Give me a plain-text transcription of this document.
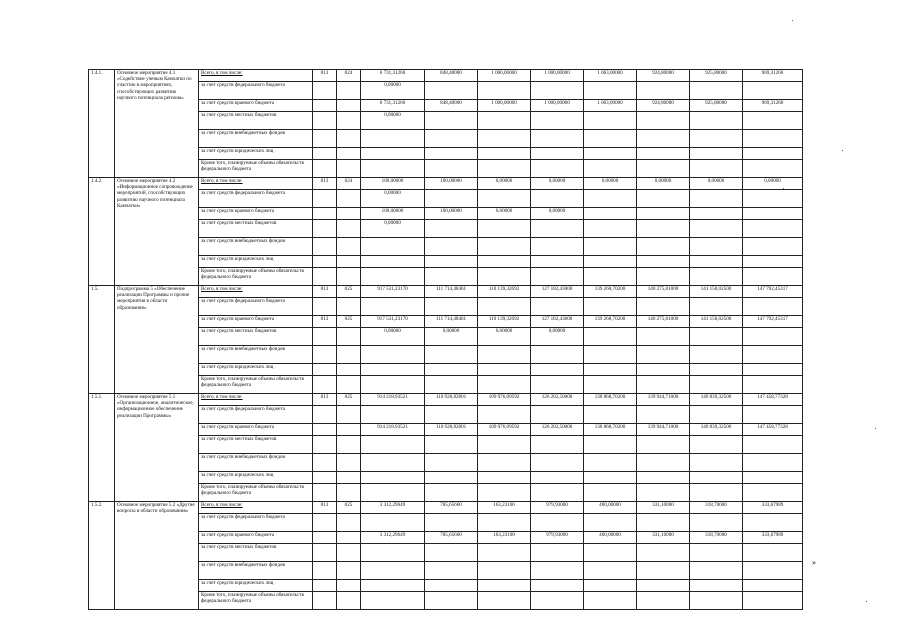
1.4.1.	Основное мероприятие 4.1 «Содействие ученым Камчатки по участию в мероприятиях, способствующих развитию научного потенциала региона»	Всего, в том числе:	813	024	6 731,31260	848,40000	1 000,00000	1 000,00000	1 063,00000	924,80000	925,80000	969,31260
		за счет средств федерального бюджета			0,00000							
		за счет средств краевого бюджета			6 731,31260	848,40000	1 000,00000	1 000,00000	1 063,00000	924,80000	925,80000	969,31260
		за счет средств местных бюджетов			0,00000							
		за счет средств внебюджетных фондов										
		за счет средств юридических лиц										
		Кроме того, планируемые объемы обязательств федерального бюджета										
1.4.2.	Основное мероприятие 4.2 «Информационное сопровождение мероприятий, способствующих развитию научного потенциала Камчатки»	Всего, в том числе:	813	024	100,00000	100,00000	0,00000	0,00000	0,00000	0,00000	0,00000	0,00000
		за счет средств федерального бюджета			0,00000							
		за счет средств краевого бюджета			100,00000	100,00000	0,00000	0,00000				
		за счет средств местных бюджетов			0,00000							
		за счет средств внебюджетных фондов										
		за счет средств юридических лиц										
		Кроме того, планируемые объемы обязательств федерального бюджета										
1.5.	Подпрограмма 5 «Обеспечение реализации Программы и прочие мероприятия в области образования»	Всего, в том числе:	813	025	917 531,23170	111 714,48461	110 139,32692	127 182,43000	139 268,70200	140 275,81000	141 158,02500	147 792,45317
		за счет средств федерального бюджета										
		за счет средств краевого бюджета	813	025	917 531,23170	111 714,48461	110 139,32692	127 182,43000	139 268,70200	140 275,81000	141 158,02500	147 792,45317
		за счет средств местных бюджетов			0,00000	0,00000	0,00000	0,00000				
		за счет средств внебюджетных фондов										
		за счет средств юридических лиц										
		Кроме того, планируемые объемы обязательств федерального бюджета										
1.5.1.	Основное мероприятие 5.1 «Организационное, аналитическое, информационное обеспечение реализации Программы»	Всего, в том числе:	813	025	914 218,93521	110 928,82801	109 976,09592	126 202,50000	138 868,70200	139 944,71000	140 839,32500	147 458,77328
		за счет средств федерального бюджета										
		за счет средств краевого бюджета			914 218,93521	110 928,82801	109 976,09592	126 202,50000	138 868,70200	139 944,71000	140 839,32500	147 458,77328
		за счет средств местных бюджетов										
		за счет средств внебюджетных фондов										
		за счет средств юридических лиц										
		Кроме того, планируемые объемы обязательств федерального бюджета										
1.5.2.	Основное мероприятие 5.2 «Другие вопросы в области образования»	Всего, в том числе:	813	025	3 312,29649	785,65660	163,23100	979,93000	400,00000	331,10000	318,70000	333,67989
		за счет средств федерального бюджета										
		за счет средств краевого бюджета			3 312,29649	785,65660	163,23100	979,93000	400,00000	331,10000	318,70000	333,67989
		за счет средств местных бюджетов										
		за счет средств внебюджетных фондов										
		за счет средств юридических лиц										
		Кроме того, планируемые объемы обязательств федерального бюджета										
»
